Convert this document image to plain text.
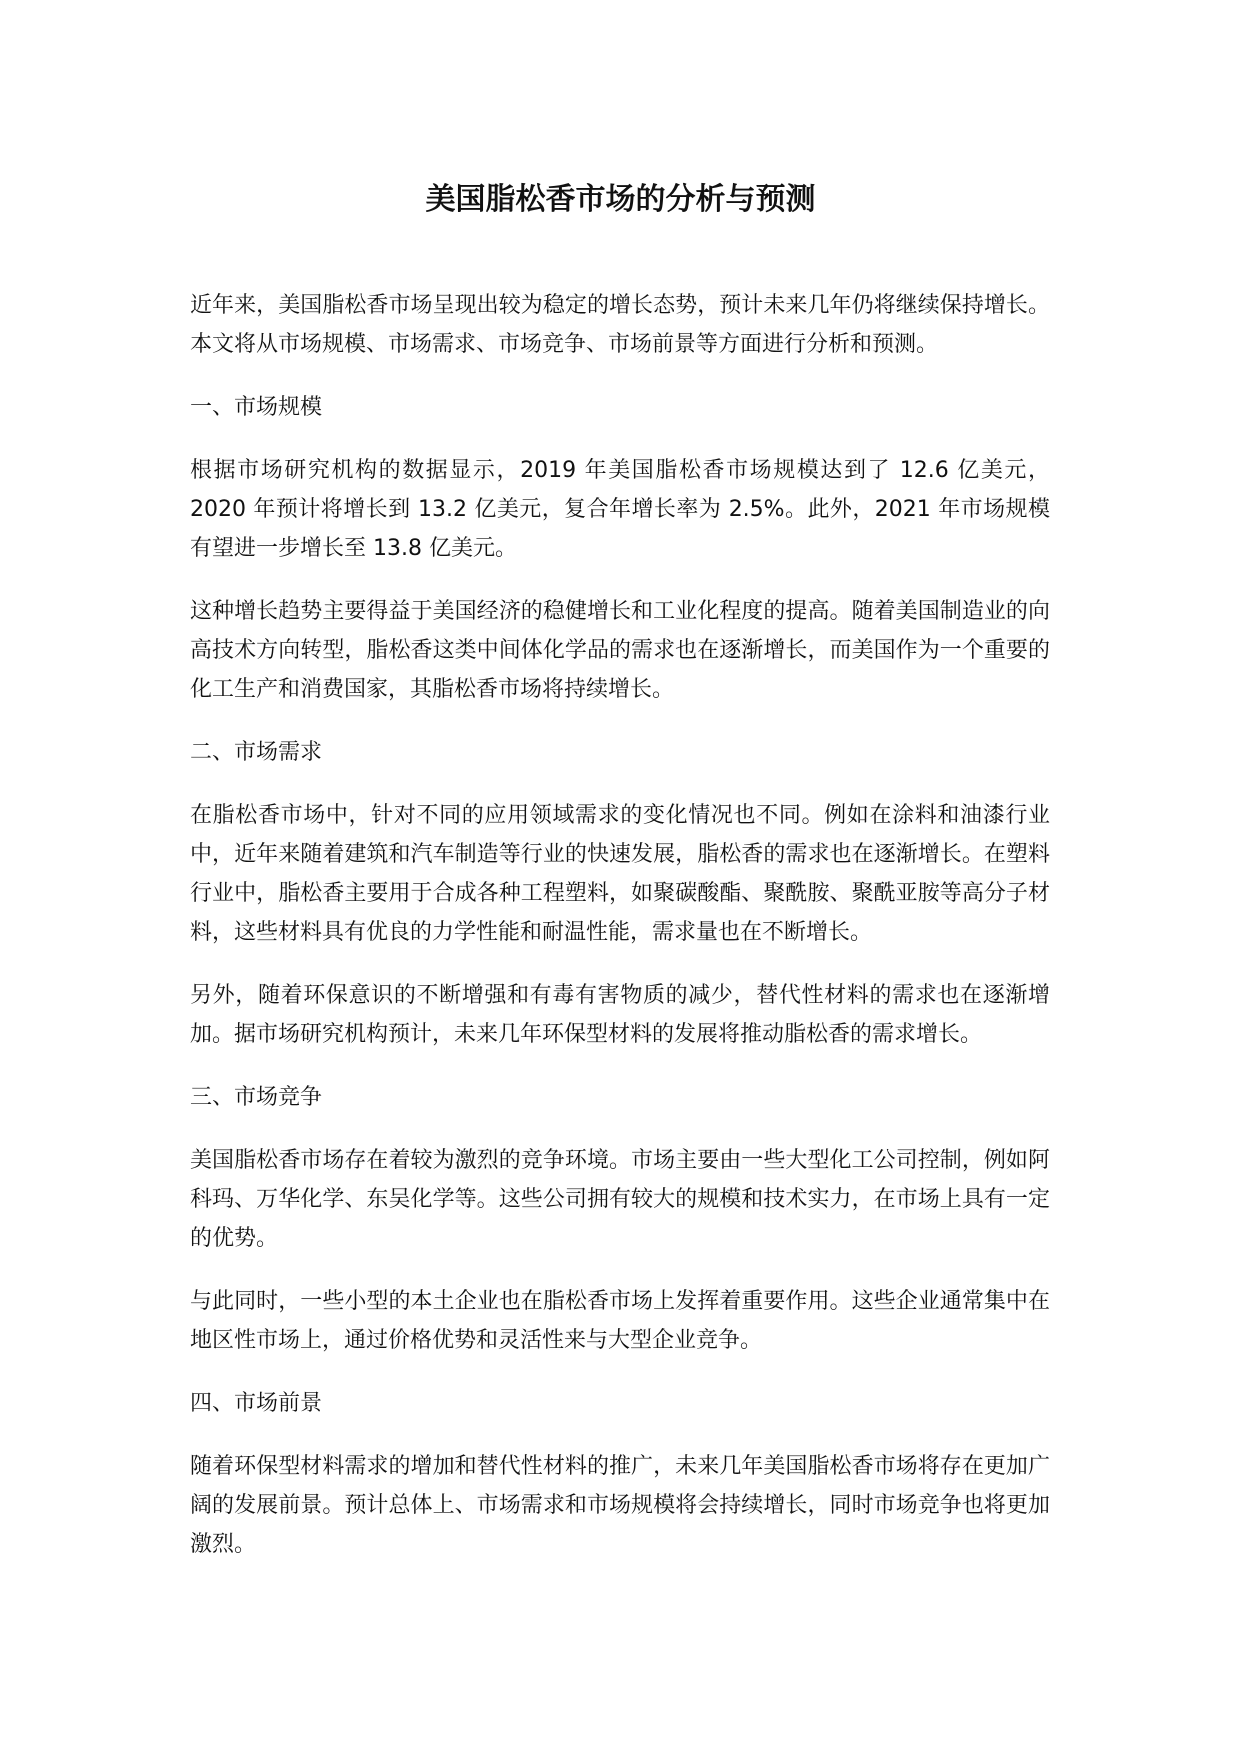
美国脂松香市场的分析与预测

近年来，美国脂松香市场呈现出较为稳定的增长态势，预计未来几年仍将继续保持增长。本文将从市场规模、市场需求、市场竞争、市场前景等方面进行分析和预测。

一、市场规模

根据市场研究机构的数据显示，2019 年美国脂松香市场规模达到了 12.6 亿美元，2020 年预计将增长到 13.2 亿美元，复合年增长率为 2.5%。此外，2021 年市场规模有望进一步增长至 13.8 亿美元。

这种增长趋势主要得益于美国经济的稳健增长和工业化程度的提高。随着美国制造业的向高技术方向转型，脂松香这类中间体化学品的需求也在逐渐增长，而美国作为一个重要的化工生产和消费国家，其脂松香市场将持续增长。

二、市场需求

在脂松香市场中，针对不同的应用领域需求的变化情况也不同。例如在涂料和油漆行业中，近年来随着建筑和汽车制造等行业的快速发展，脂松香的需求也在逐渐增长。在塑料行业中，脂松香主要用于合成各种工程塑料，如聚碳酸酯、聚酰胺、聚酰亚胺等高分子材料，这些材料具有优良的力学性能和耐温性能，需求量也在不断增长。

另外，随着环保意识的不断增强和有毒有害物质的减少，替代性材料的需求也在逐渐增加。据市场研究机构预计，未来几年环保型材料的发展将推动脂松香的需求增长。

三、市场竞争

美国脂松香市场存在着较为激烈的竞争环境。市场主要由一些大型化工公司控制，例如阿科玛、万华化学、东吴化学等。这些公司拥有较大的规模和技术实力，在市场上具有一定的优势。

与此同时，一些小型的本土企业也在脂松香市场上发挥着重要作用。这些企业通常集中在地区性市场上，通过价格优势和灵活性来与大型企业竞争。

四、市场前景

随着环保型材料需求的增加和替代性材料的推广，未来几年美国脂松香市场将存在更加广阔的发展前景。预计总体上、市场需求和市场规模将会持续增长，同时市场竞争也将更加激烈。
